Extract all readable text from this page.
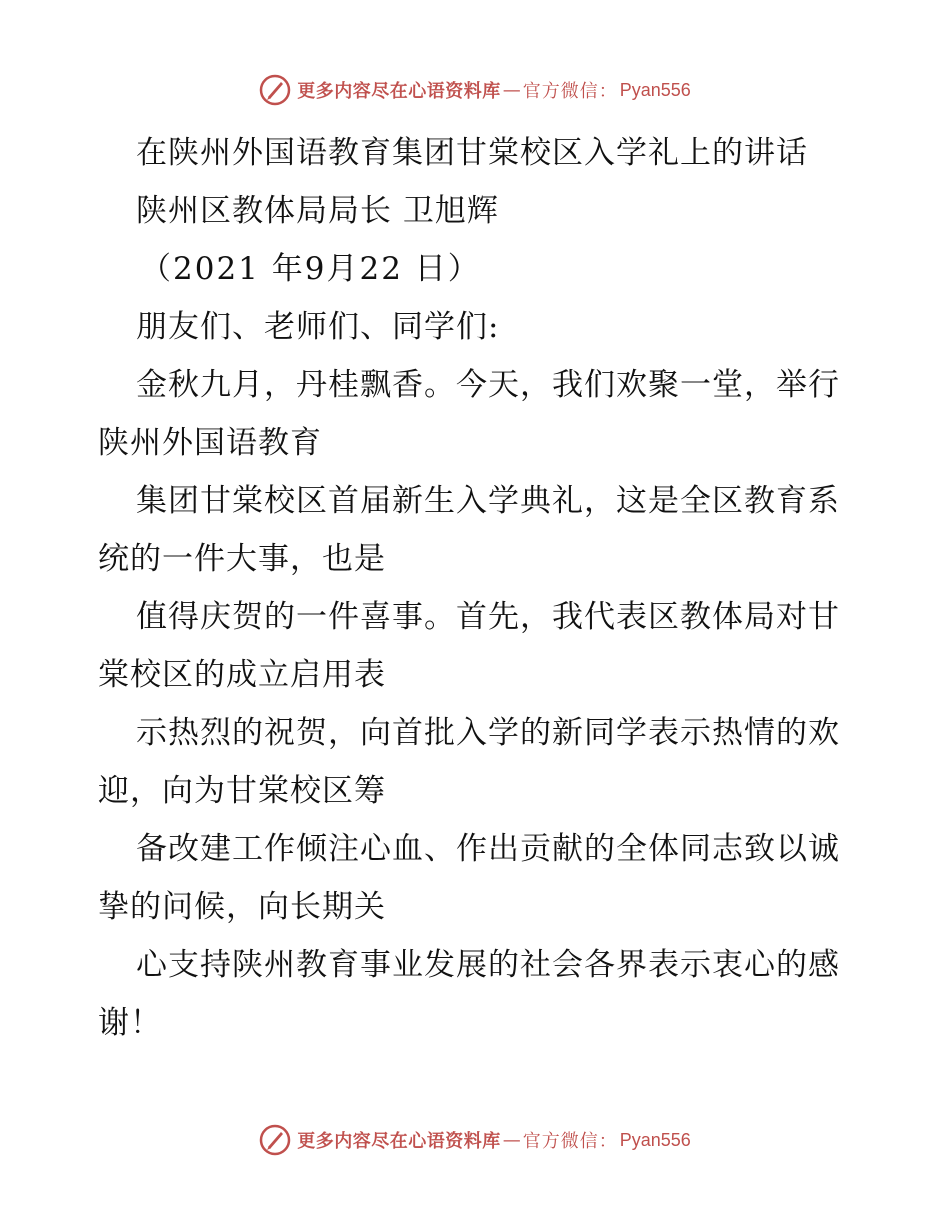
更多内容尽在心语资料库 — 官方微信： Pyan556

在陕州外国语教育集团甘棠校区入学礼上的讲话

陕州区教体局局长 卫旭辉

（2021 年9月22 日）

朋友们、老师们、同学们:

金秋九月，丹桂飘香。今天，我们欢聚一堂，举行陕州外国语教育

集团甘棠校区首届新生入学典礼，这是全区教育系统的一件大事，也是

值得庆贺的一件喜事。首先，我代表区教体局对甘棠校区的成立启用表

示热烈的祝贺，向首批入学的新同学表示热情的欢迎，向为甘棠校区筹

备改建工作倾注心血、作出贡献的全体同志致以诚挚的问候，向长期关

心支持陕州教育事业发展的社会各界表示衷心的感谢！

更多内容尽在心语资料库 — 官方微信： Pyan556
